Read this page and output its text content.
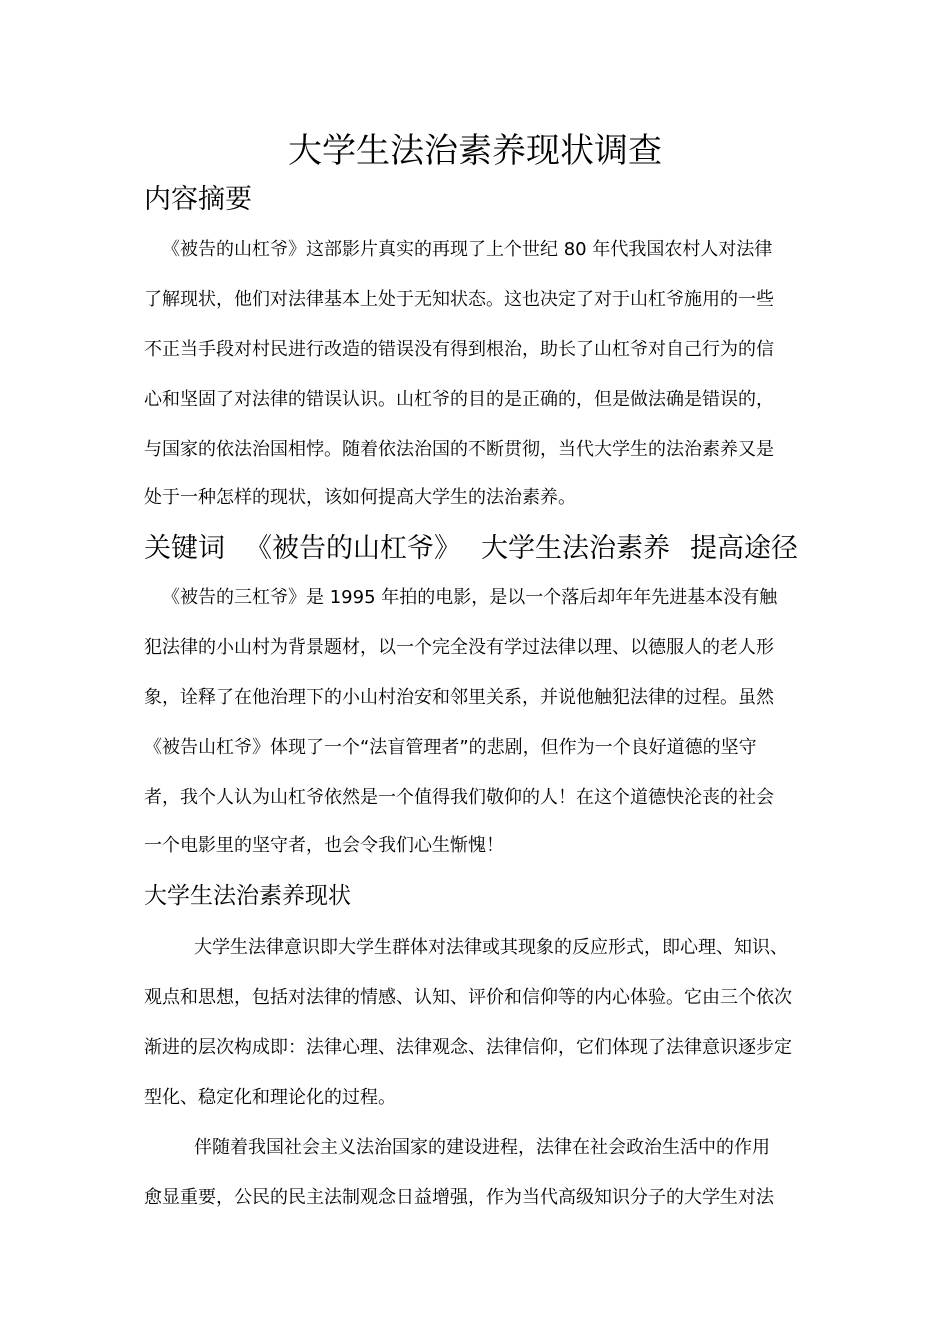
大学生法治素养现状调查
内容摘要

《被告的山杠爷》这部影片真实的再现了上个世纪 80 年代我国农村人对法律

了解现状，他们对法律基本上处于无知状态。这也决定了对于山杠爷施用的一些

不正当手段对村民进行改造的错误没有得到根治，助长了山杠爷对自己行为的信

心和坚固了对法律的错误认识。山杠爷的目的是正确的，但是做法确是错误的，

与国家的依法治国相悖。随着依法治国的不断贯彻，当代大学生的法治素养又是

处于一种怎样的现状，该如何提高大学生的法治素养。

关键词 《被告的山杠爷》 大学生法治素养 提高途径

《被告的三杠爷》是 1995 年拍的电影，是以一个落后却年年先进基本没有触

犯法律的小山村为背景题材，以一个完全没有学过法律以理、以德服人的老人形

象，诠释了在他治理下的小山村治安和邻里关系，并说他触犯法律的过程。虽然

《被告山杠爷》体现了一个“法盲管理者”的悲剧，但作为一个良好道德的坚守

者，我个人认为山杠爷依然是一个值得我们敬仰的人！在这个道德快沦丧的社会

一个电影里的坚守者，也会令我们心生惭愧！

大学生法治素养现状

大学生法律意识即大学生群体对法律或其现象的反应形式，即心理、知识、

观点和思想，包括对法律的情感、认知、评价和信仰等的内心体验。它由三个依次

渐进的层次构成即：法律心理、法律观念、法律信仰，它们体现了法律意识逐步定

型化、稳定化和理论化的过程。

伴随着我国社会主义法治国家的建设进程，法律在社会政治生活中的作用

愈显重要，公民的民主法制观念日益增强，作为当代高级知识分子的大学生对法
